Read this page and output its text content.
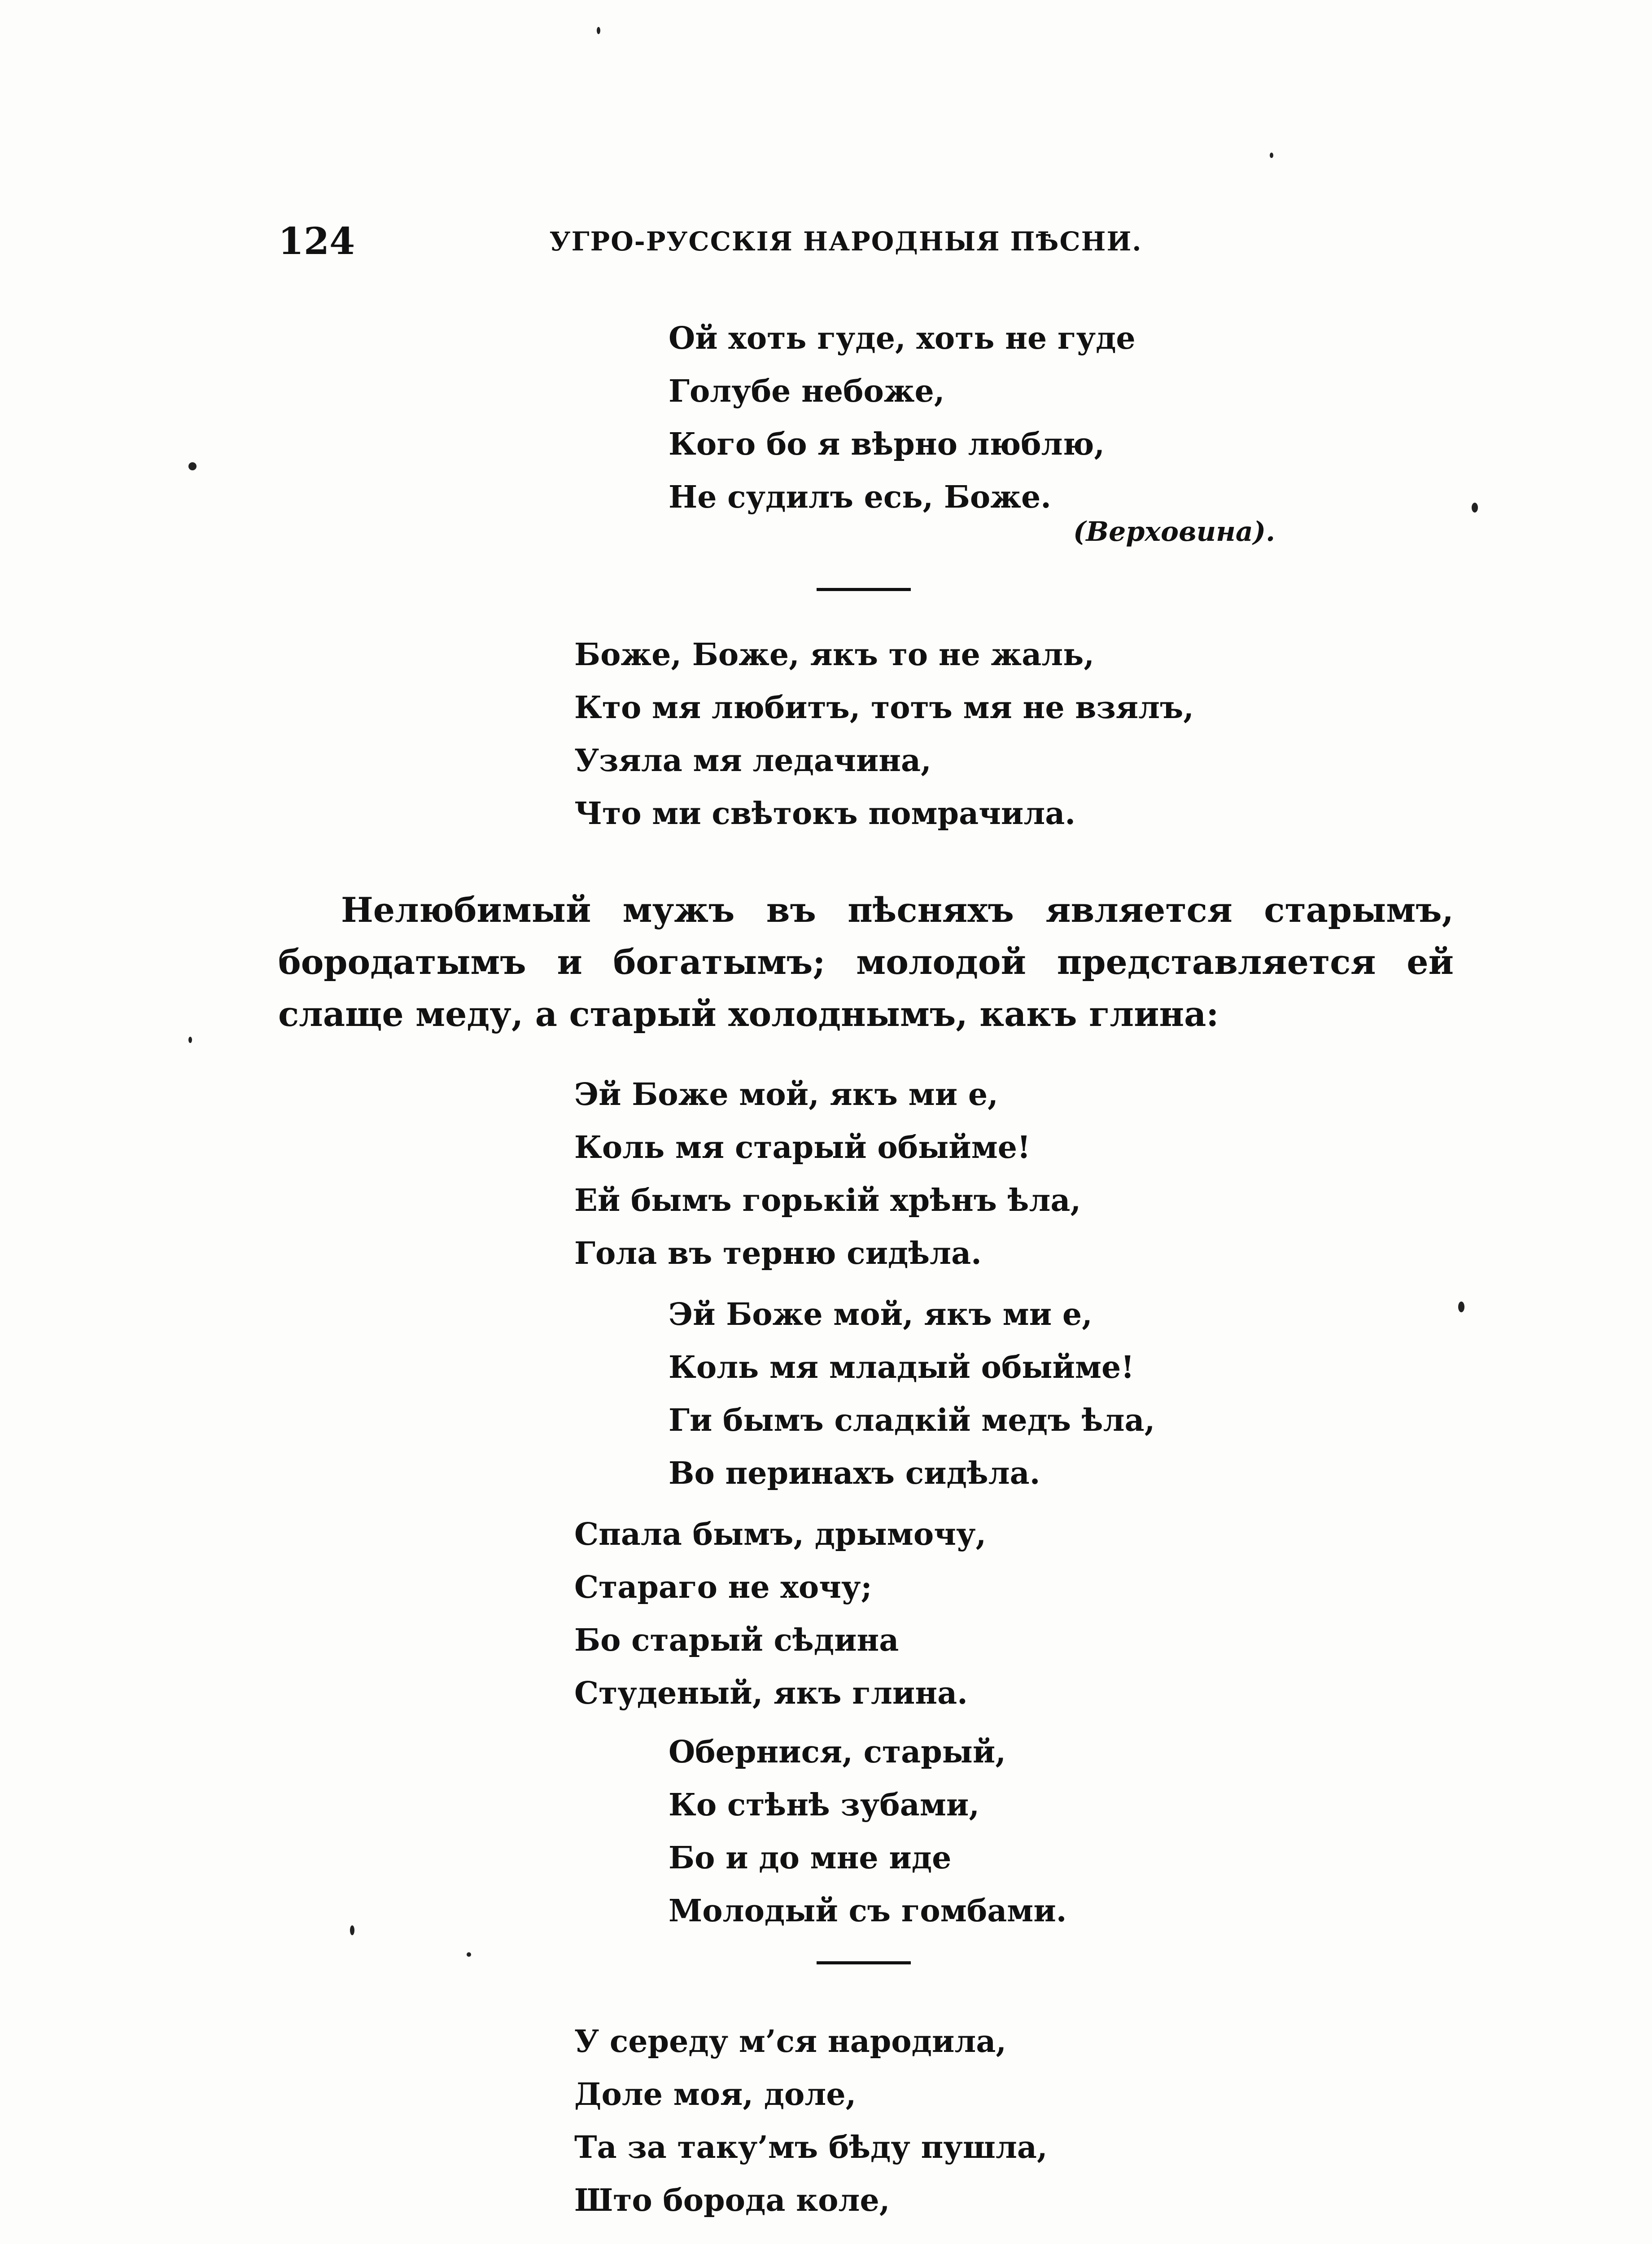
124	УГРО-РУССКІЯ НАРОДНЫЯ ПѢСНИ.
Ой хоть гуде, хоть не гуде
Голубе небоже,
Кого бо я вѣрно люблю,
Не судилъ есь, Боже.
(Верховина).
Боже, Боже, якъ то не жаль,
Кто мя любитъ, тотъ мя не взялъ,
Узяла мя ледачина,
Что ми свѣтокъ помрачила.

Нелюбимый мужъ въ пѣсняхъ является старымъ, бородатымъ и богатымъ; молодой представляется ей слаще меду, а старый холоднымъ, какъ глина:

Эй Боже мой, якъ ми е,
Коль мя старый обыйме!
Ей бымъ горькій хрѣнъ ѣла,
Гола въ терню сидѣла.
Эй Боже мой, якъ ми е,
Коль мя младый обыйме!
Ги бымъ сладкій медъ ѣла,
Во перинахъ сидѣла.
Спала бымъ, дрымочу,
Стараго не хочу;
Бо старый сѣдина
Студеный, якъ глина.
Обернися, старый,
Ко стѣнѣ зубами,
Бо и до мне иде
Молодый съ гомбами.
У середу м’ся народила,
Доле моя, доле,
Та за таку’мъ бѣду пушла,
Што борода коле,
